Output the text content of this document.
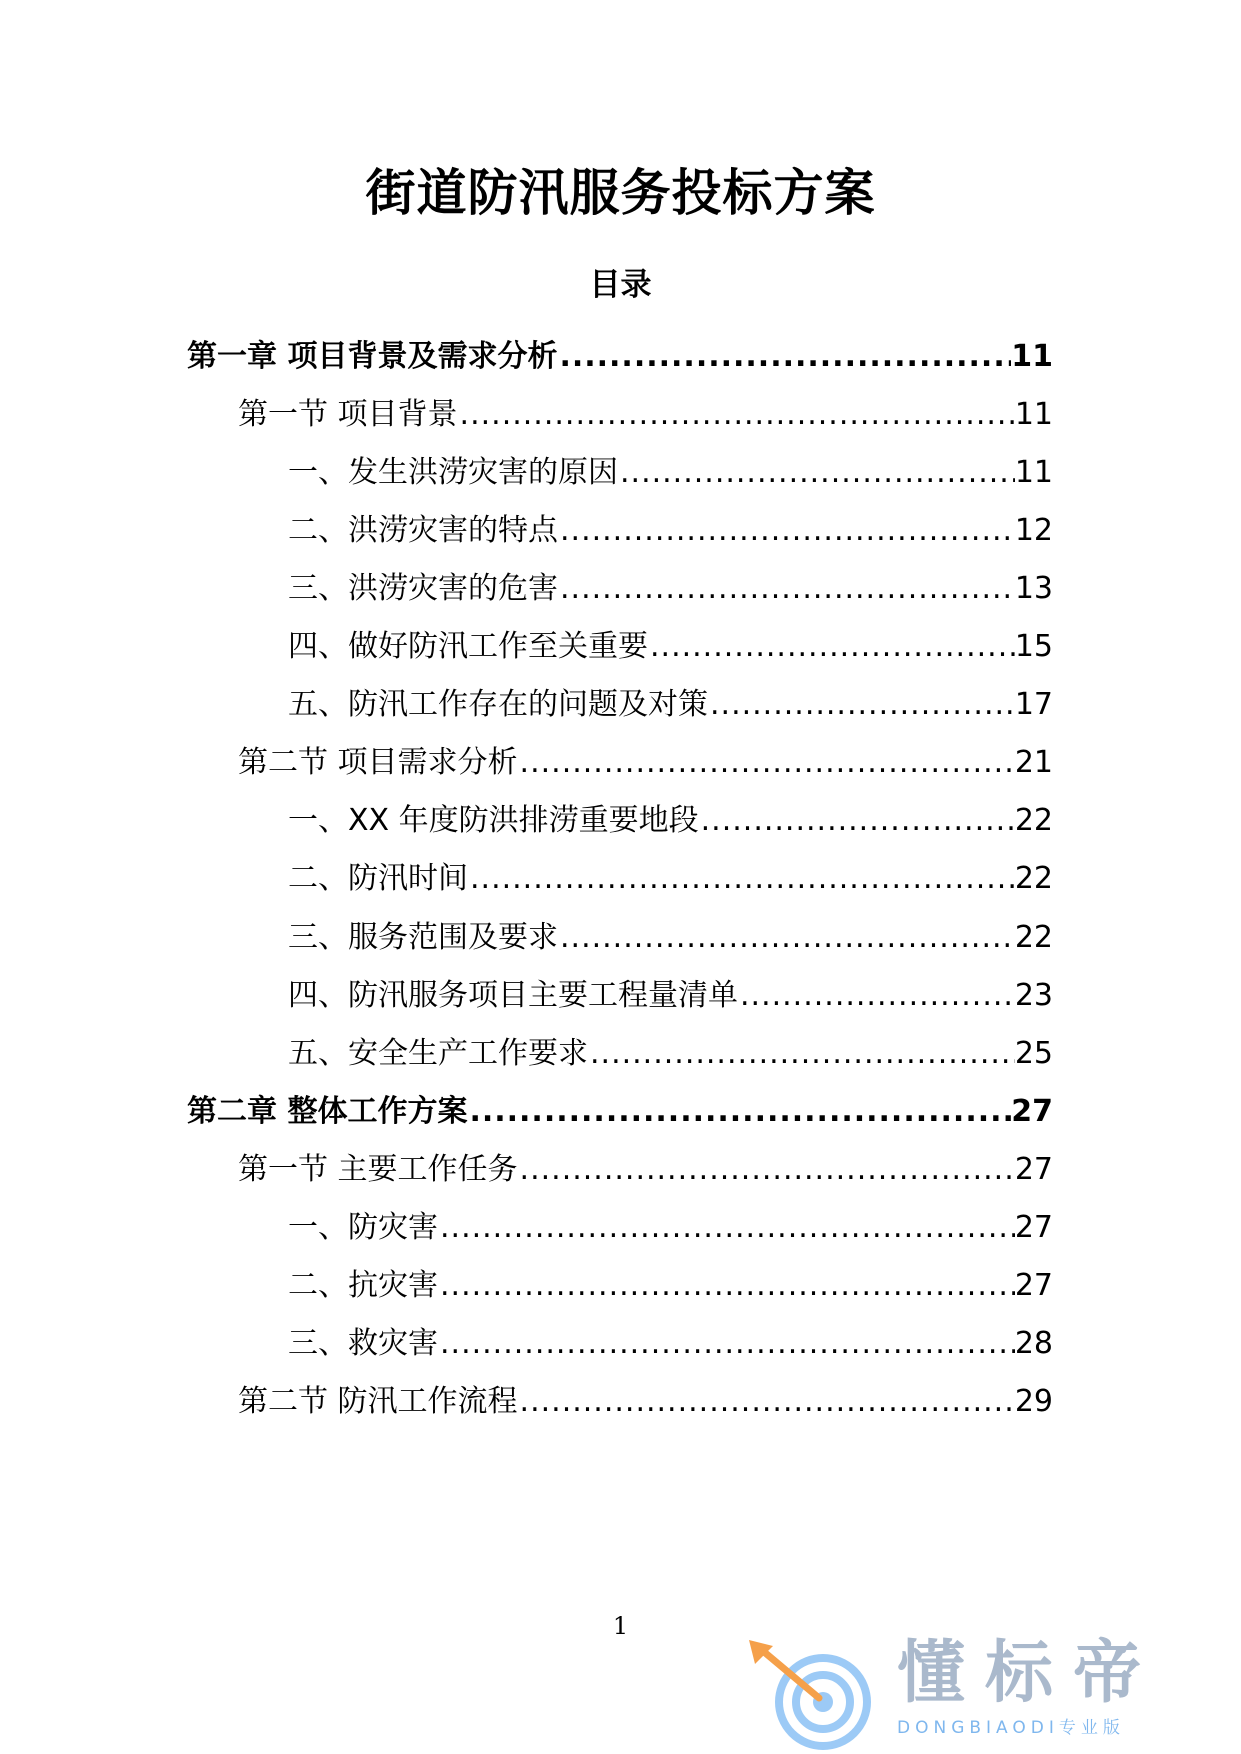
街道防汛服务投标方案
目录
第一章 项目背景及需求分析 .....	11
第一节 项目背景 .....	11
一、发生洪涝灾害的原因 .....	11
二、洪涝灾害的特点 .....	12
三、洪涝灾害的危害 .....	13
四、做好防汛工作至关重要 .....	15
五、防汛工作存在的问题及对策 .....	17
第二节 项目需求分析 .....	21
一、XX 年度防洪排涝重要地段 .....	22
二、防汛时间 .....	22
三、服务范围及要求 .....	22
四、防汛服务项目主要工程量清单 .....	23
五、安全生产工作要求 .....	25
第二章 整体工作方案 .....	27
第一节 主要工作任务 .....	27
一、防灾害 .....	27
二、抗灾害 .....	27
三、救灾害 .....	28
第二节 防汛工作流程 .....	29
1
懂标帝
DONGBIAODI专业版
